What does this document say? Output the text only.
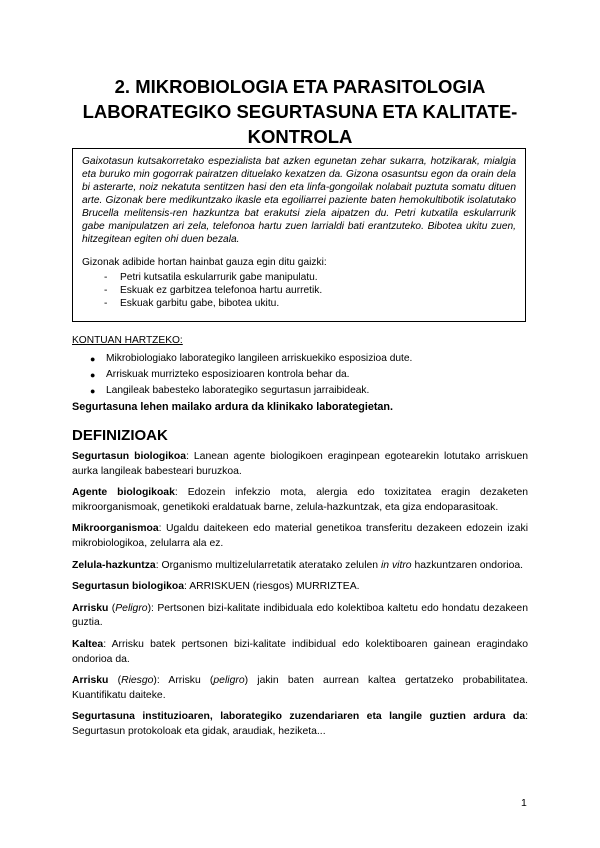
2. MIKROBIOLOGIA ETA PARASITOLOGIA
LABORATEGIKO SEGURTASUNA ETA KALITATE-
KONTROLA

Gaixotasun kutsakorretako espezialista bat azken egunetan zehar sukarra, hotzikarak, mialgia eta buruko min gogorrak pairatzen dituelako kexatzen da. Gizona osasuntsu egon da orain dela bi asterarte, noiz nekatuta sentitzen hasi den eta linfa-gongoilak nolabait puztuta somatu dituen arte. Gizonak bere medikuntzako ikasle eta egoiliarrei paziente baten hemokultibotik isolatutako Brucella melitensis-ren hazkuntza bat erakutsi ziela aipatzen du. Petri kutxatila eskularrurik gabe manipulatzen ari zela, telefonoa hartu zuen larrialdi bati erantzuteko. Bibotea ukitu zuen, hitzegitean egiten ohi duen bezala.

Gizonak adibide hortan hainbat gauza egin ditu gaizki:

- Petri kutsatila eskularrurik gabe manipulatu.
- Eskuak ez garbitzea telefonoa hartu aurretik.
- Eskuak garbitu gabe, bibotea ukitu.
KONTUAN HARTZEKO:
● Mikrobiologiako laborategiko langileen arriskuekiko esposizioa dute.
● Arriskuak murrizteko esposizioaren kontrola behar da.
● Langileak babesteko laborategiko segurtasun jarraibideak.
Segurtasuna lehen mailako ardura da klinikako laborategietan.
DEFINIZIOAK

Segurtasun biologikoa: Lanean agente biologikoen eraginpean egotearekin lotutako arriskuen aurka langileak babesteari buruzkoa.

Agente biologikoak: Edozein infekzio mota, alergia edo toxizitatea eragin dezaketen mikroorganismoak, genetikoki eraldatuak barne, zelula-hazkuntzak, eta giza endoparasitoak.

Mikroorganismoa: Ugaldu daitekeen edo material genetikoa transferitu dezakeen edozein izaki mikrobiologikoa, zelularra ala ez.

Zelula-hazkuntza: Organismo multizelularretatik ateratako zelulen in vitro hazkuntzaren ondorioa.

Segurtasun biologikoa: ARRISKUEN (riesgos) MURRIZTEA.

Arrisku (Peligro): Pertsonen bizi-kalitate indibiduala edo kolektiboa kaltetu edo hondatu dezakeen guztia.

Kaltea: Arrisku batek pertsonen bizi-kalitate indibidual edo kolektiboaren gainean eragindako ondorioa da.

Arrisku (Riesgo): Arrisku (peligro) jakin baten aurrean kaltea gertatzeko probabilitatea. Kuantifikatu daiteke.

Segurtasuna instituzioaren, laborategiko zuzendariaren eta langile guztien ardura da: Segurtasun protokoloak eta gidak, araudiak, heziketa...

1
